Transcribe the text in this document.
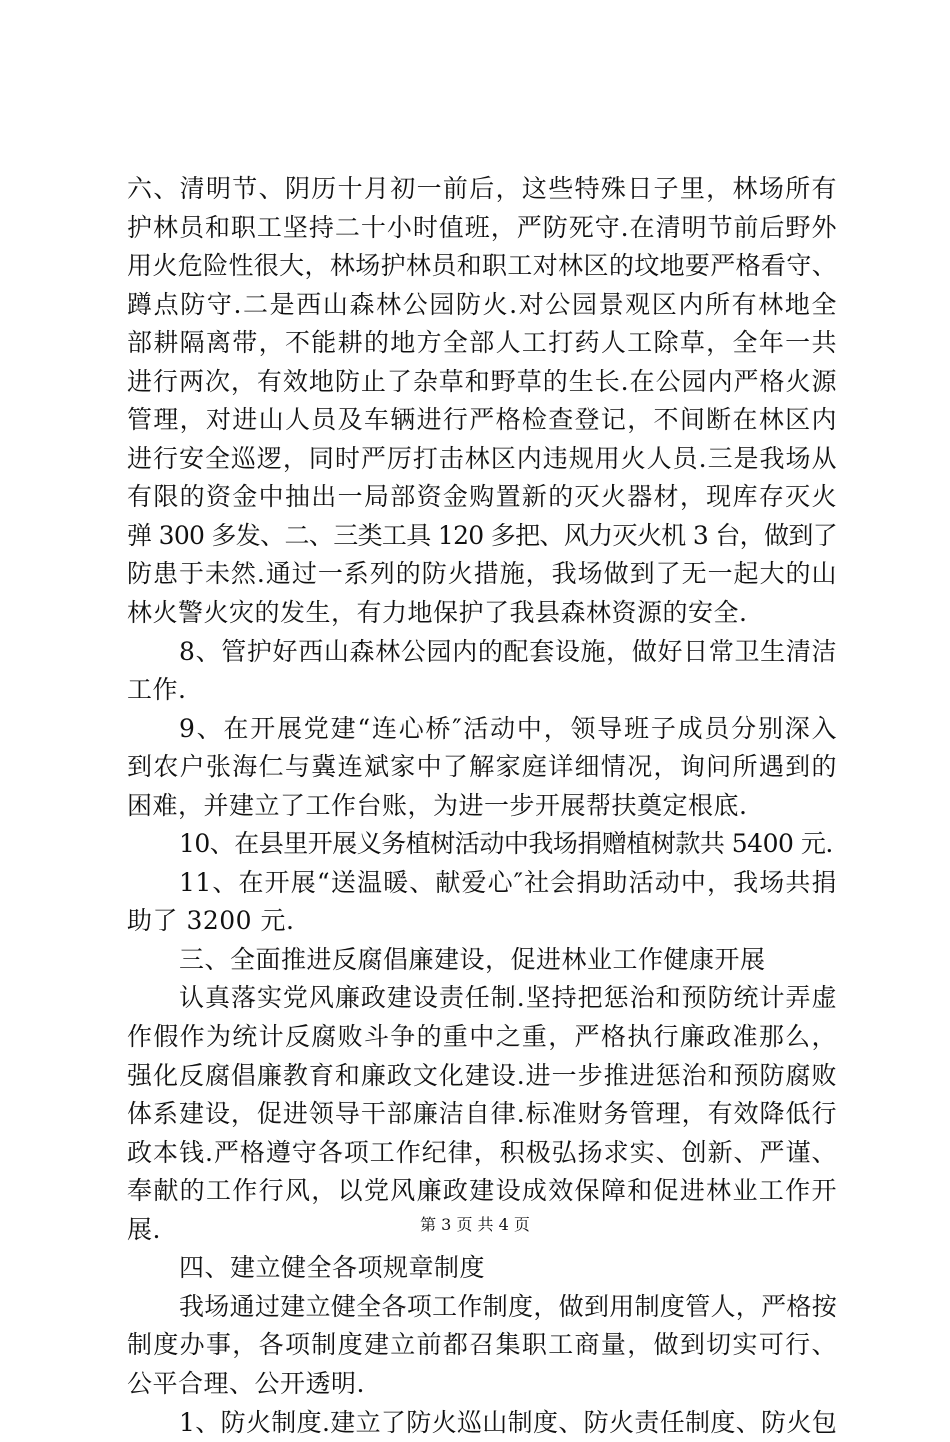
六、清明节、阴历十月初一前后，这些特殊日子里，林场所有
护林员和职工坚持二十小时值班，严防死守.在清明节前后野外
用火危险性很大，林场护林员和职工对林区的坟地要严格看守、
蹲点防守.二是西山森林公园防火.对公园景观区内所有林地全
部耕隔离带，不能耕的地方全部人工打药人工除草，全年一共
进行两次，有效地防止了杂草和野草的生长.在公园内严格火源
管理，对进山人员及车辆进行严格检查登记，不间断在林区内
进行安全巡逻，同时严厉打击林区内违规用火人员.三是我场从
有限的资金中抽出一局部资金购置新的灭火器材，现库存灭火
弹 300 多发、二、三类工具 120 多把、风力灭火机 3 台，做到了
防患于未然.通过一系列的防火措施，我场做到了无一起大的山
林火警火灾的发生，有力地保护了我县森林资源的安全.
8、管护好西山森林公园内的配套设施，做好日常卫生清洁
工作.
9、在开展党建“连心桥″活动中，领导班子成员分别深入
到农户张海仁与冀连斌家中了解家庭详细情况，询问所遇到的
困难，并建立了工作台账，为进一步开展帮扶奠定根底.
10、在县里开展义务植树活动中我场捐赠植树款共 5400 元.
11、在开展“送温暖、献爱心″社会捐助活动中，我场共捐
助了 3200 元.
三、全面推进反腐倡廉建设，促进林业工作健康开展
认真落实党风廉政建设责任制.坚持把惩治和预防统计弄虚
作假作为统计反腐败斗争的重中之重，严格执行廉政准那么，
强化反腐倡廉教育和廉政文化建设.进一步推进惩治和预防腐败
体系建设，促进领导干部廉洁自律.标准财务管理，有效降低行
政本钱.严格遵守各项工作纪律，积极弘扬求实、创新、严谨、
奉献的工作行风，以党风廉政建设成效保障和促进林业工作开
展.
四、建立健全各项规章制度
我场通过建立健全各项工作制度，做到用制度管人，严格按
制度办事，各项制度建立前都召集职工商量，做到切实可行、
公平合理、公开透明.
1、防火制度.建立了防火巡山制度、防火责任制度、防火包
第 3 页 共 4 页
